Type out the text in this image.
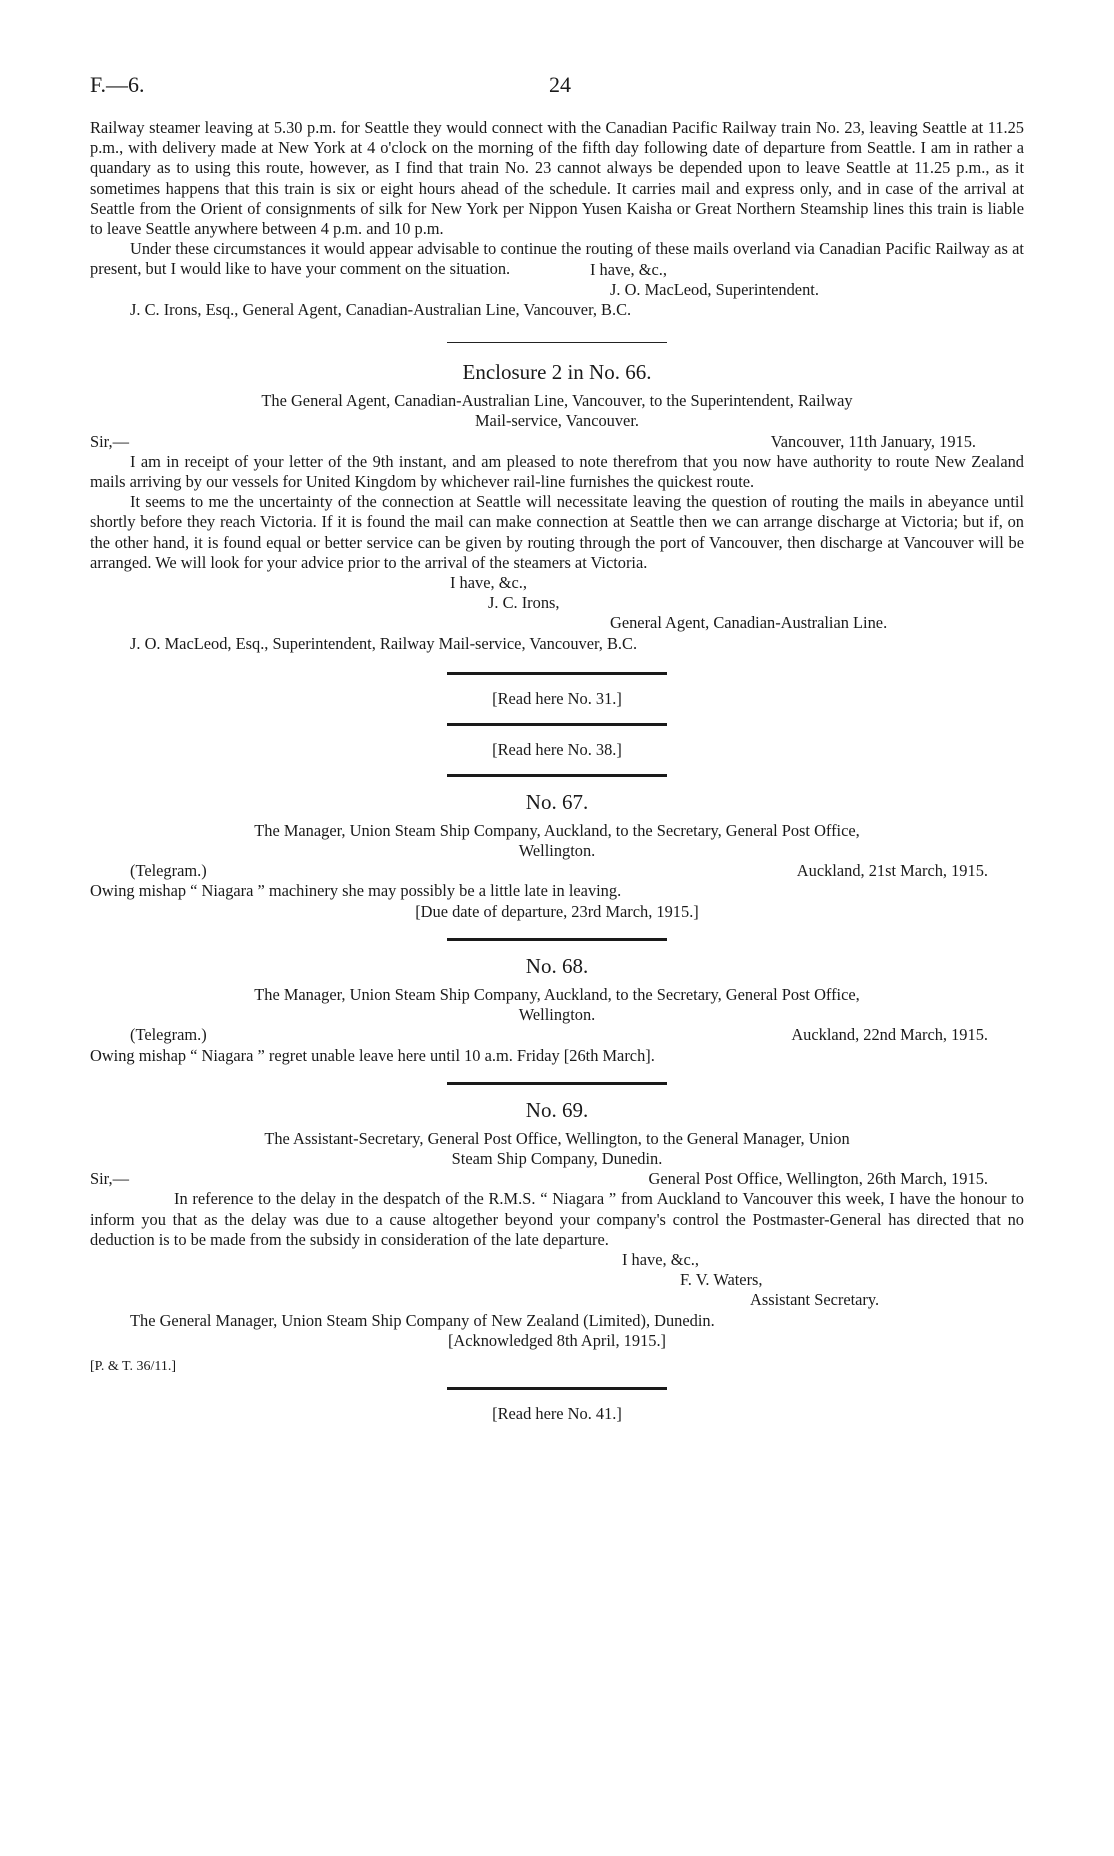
F.—6.	24

Railway steamer leaving at 5.30 p.m. for Seattle they would connect with the Canadian Pacific Railway train No. 23, leaving Seattle at 11.25 p.m., with delivery made at New York at 4 o'clock on the morning of the fifth day following date of departure from Seattle. I am in rather a quandary as to using this route, however, as I find that train No. 23 cannot always be depended upon to leave Seattle at 11.25 p.m., as it sometimes happens that this train is six or eight hours ahead of the schedule. It carries mail and express only, and in case of the arrival at Seattle from the Orient of consignments of silk for New York per Nippon Yusen Kaisha or Great Northern Steamship lines this train is liable to leave Seattle anywhere between 4 p.m. and 10 p.m.

Under these circumstances it would appear advisable to continue the routing of these mails overland via Canadian Pacific Railway as at present, but I would like to have your comment on the situation.	I have, &c.,

J. O. MacLeod, Superintendent.

J. C. Irons, Esq., General Agent, Canadian-Australian Line, Vancouver, B.C.

Enclosure 2 in No. 66.

The General Agent, Canadian-Australian Line, Vancouver, to the Superintendent, Railway

Mail-service, Vancouver.

Sir,—	Vancouver, 11th January, 1915.

I am in receipt of your letter of the 9th instant, and am pleased to note therefrom that you now have authority to route New Zealand mails arriving by our vessels for United Kingdom by whichever rail-line furnishes the quickest route.

It seems to me the uncertainty of the connection at Seattle will necessitate leaving the question of routing the mails in abeyance until shortly before they reach Victoria. If it is found the mail can make connection at Seattle then we can arrange discharge at Victoria; but if, on the other hand, it is found equal or better service can be given by routing through the port of Vancouver, then discharge at Vancouver will be arranged. We will look for your advice prior to the arrival of the steamers at Victoria.

I have, &c.,

J. C. Irons,

General Agent, Canadian-Australian Line.

J. O. MacLeod, Esq., Superintendent, Railway Mail-service, Vancouver, B.C.

[Read here No. 31.]

[Read here No. 38.]

No. 67.

The Manager, Union Steam Ship Company, Auckland, to the Secretary, General Post Office,

Wellington.

(Telegram.)	Auckland, 21st March, 1915.

Owing mishap “ Niagara ” machinery she may possibly be a little late in leaving.

[Due date of departure, 23rd March, 1915.]

No. 68.

The Manager, Union Steam Ship Company, Auckland, to the Secretary, General Post Office,

Wellington.

(Telegram.)	Auckland, 22nd March, 1915.

Owing mishap “ Niagara ” regret unable leave here until 10 a.m. Friday [26th March].

No. 69.

The Assistant-Secretary, General Post Office, Wellington, to the General Manager, Union

Steam Ship Company, Dunedin.

Sir,—	General Post Office, Wellington, 26th March, 1915.

In reference to the delay in the despatch of the R.M.S. “ Niagara ” from Auckland to Vancouver this week, I have the honour to inform you that as the delay was due to a cause altogether beyond your company's control the Postmaster-General has directed that no deduction is to be made from the subsidy in consideration of the late departure.

I have, &c.,

F. V. Waters,

Assistant Secretary.

The General Manager, Union Steam Ship Company of New Zealand (Limited), Dunedin.

[Acknowledged 8th April, 1915.]

[P. & T. 36/11.]

[Read here No. 41.]
